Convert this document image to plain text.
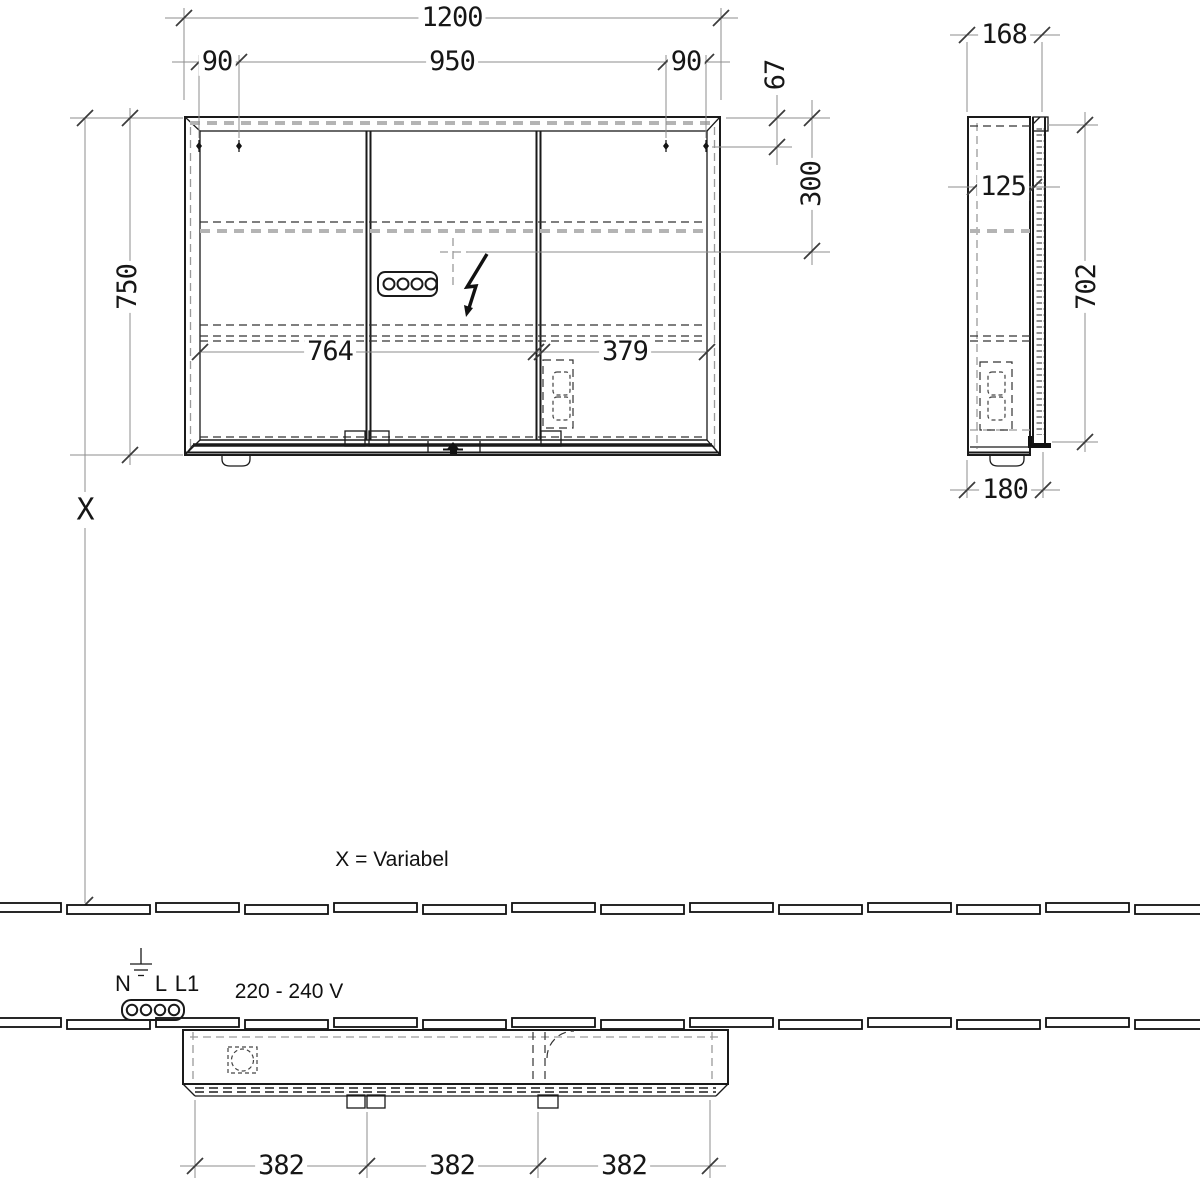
1200
90	950	90 67
300
750
764	379
X
168
125
702
180
382	382	382
X = Variabel
N L L1 220 - 240 V
